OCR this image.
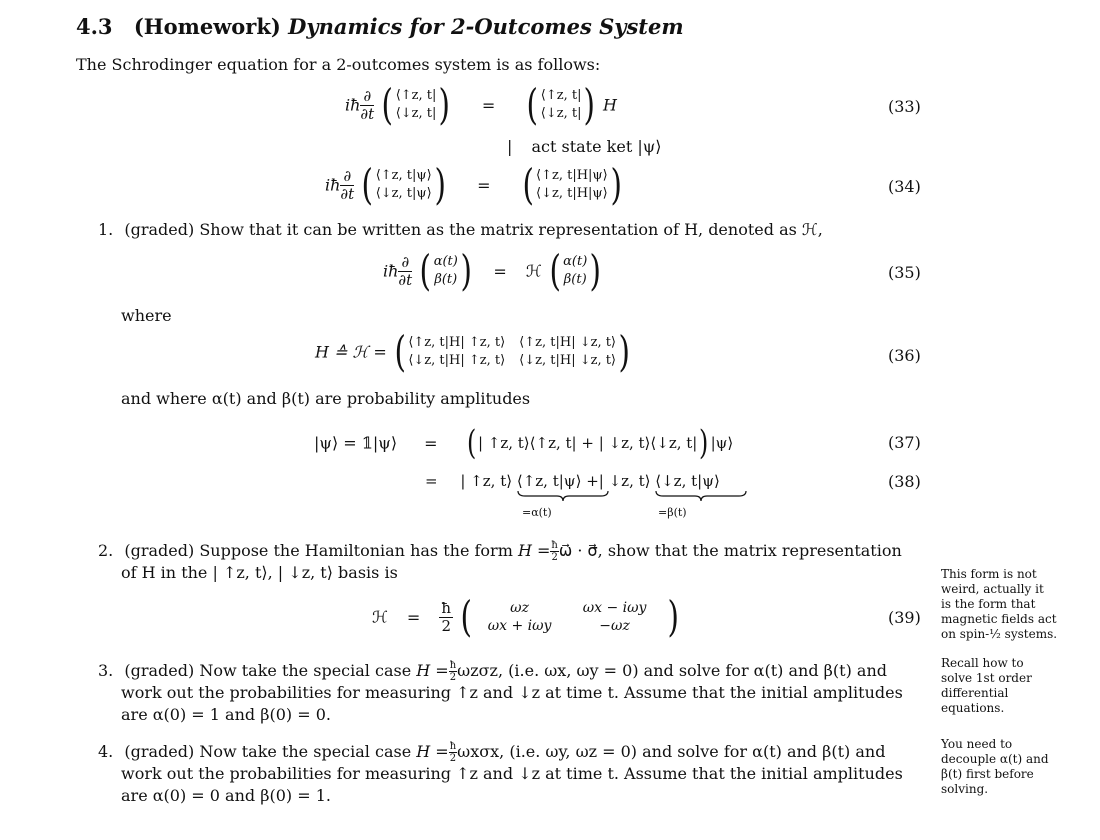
4.3 (Homework) Dynamics for 2-Outcomes System
The Schrodinger equation for a 2-outcomes system is as follows:
iħ $\frac{\partial}{\partial t}$ ( ⟨↑z, t|
⟨↓z, t| ) = ( ⟨↑z, t|
⟨↓z, t| ) H	(33)
| act state ket |ψ⟩
iħ $\frac{\partial}{\partial t}$ ( ⟨↑z, t|ψ⟩
⟨↓z, t|ψ⟩ ) = ( ⟨↑z, t|H|ψ⟩
⟨↓z, t|H|ψ⟩ )	(34)
1. (graded) Show that it can be written as the matrix representation of H, denoted as ℋ,
iħ $\frac{\partial}{\partial t}$ ( α(t)
β(t) ) = ℋ ( α(t)
β(t) )	(35)
where
H ≙ ℋ = ( ⟨↑z, t|H| ↑z, t⟩ ⟨↑z, t|H| ↓z, t⟩
⟨↓z, t|H| ↑z, t⟩ ⟨↓z, t|H| ↓z, t⟩ )	(36)
and where α(t) and β(t) are probability amplitudes
|ψ⟩ = 𝟙|ψ⟩ = ( | ↑z, t⟩⟨↑z, t| + | ↓z, t⟩⟨↓z, t|) |ψ⟩	(37)
= | ↑z, t⟩ ⟨↑z, t|ψ⟩ +| ↓z, t⟩ ⟨↓z, t|ψ⟩
=α(t)	=β(t)
(38)
2. (graded) Suppose the Hamiltonian has the form $H = \frac{ħ}{2}$ ω⃗ · σ⃗, show that the matrix representation
of H in the | ↑z, t⟩, | ↓z, t⟩ basis is
ℋ = $\frac{ħ}{2}$ (	ωz	ωx − iωy
ωx + iωy	−ωz )	(39)
3. (graded) Now take the special case $H = \frac{ħ}{2} \omega z\sigma z$, (i.e. ωx, ωy = 0) and solve for α(t) and β(t) and
work out the probabilities for measuring ↑z and ↓z at time t. Assume that the initial amplitudes
are α(0) = 1 and β(0) = 0.
4. (graded) Now take the special case $H = \frac{ħ}{2} \omega x\sigma x$, (i.e. ωy, ωz = 0) and solve for α(t) and β(t) and
work out the probabilities for measuring ↑z and ↓z at time t. Assume that the initial amplitudes
are α(0) = 0 and β(0) = 1.
This form is not
weird, actually it
is the form that
magnetic fields act
on spin-½ systems.
Recall how to
solve 1st order
differential
equations.
You need to
decouple α(t) and
β(t) first before
solving.
